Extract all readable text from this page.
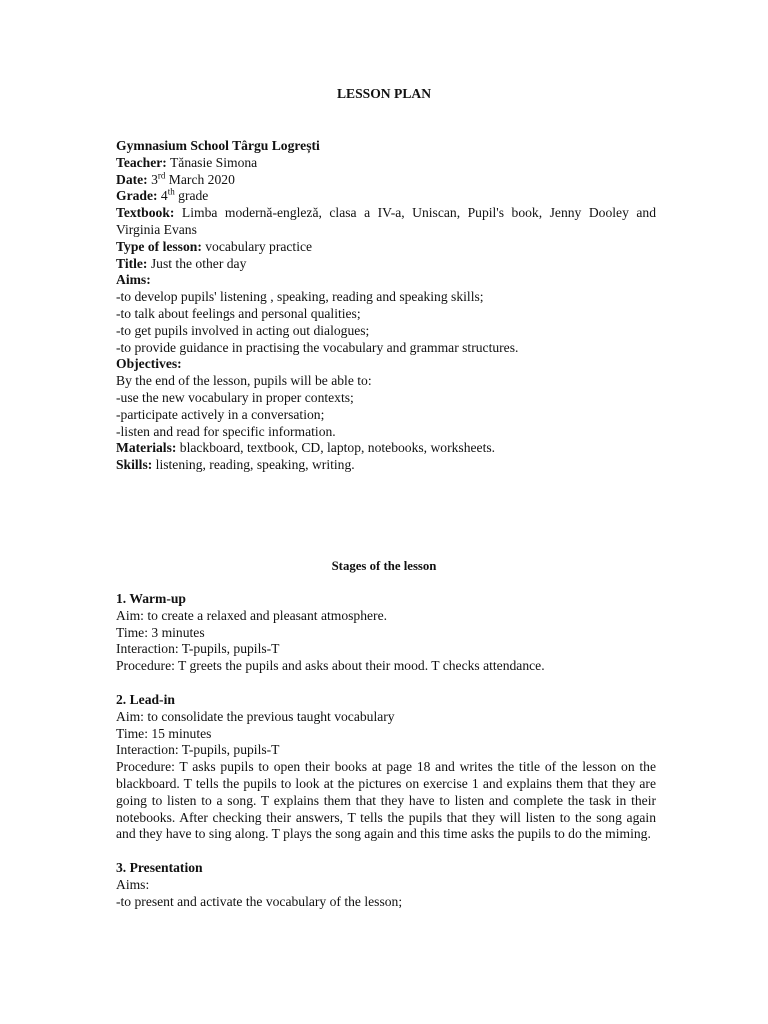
LESSON PLAN
Gymnasium School Târgu Logrești
Teacher: Tănasie Simona
Date: 3rd March 2020
Grade: 4th grade
Textbook: Limba modernă-engleză, clasa a IV-a, Uniscan, Pupil's book, Jenny Dooley and Virginia Evans
Type of lesson: vocabulary practice
Title: Just the other day
Aims:
-to develop pupils' listening , speaking, reading and speaking skills;
-to talk about feelings and personal qualities;
-to get pupils involved in acting out dialogues;
-to provide guidance in practising the vocabulary and grammar structures.
Objectives:
By the end of the lesson, pupils will be able to:
-use the new vocabulary in proper contexts;
-participate actively in a conversation;
-listen and read for specific information.
Materials: blackboard, textbook, CD, laptop, notebooks, worksheets.
Skills: listening, reading, speaking, writing.
Stages of the lesson
1. Warm-up
Aim: to create a relaxed and pleasant atmosphere.
Time: 3 minutes
Interaction: T-pupils, pupils-T
Procedure: T greets the pupils and asks about their mood. T checks attendance.
2. Lead-in
Aim: to consolidate the previous taught vocabulary
Time: 15 minutes
Interaction: T-pupils, pupils-T
Procedure: T asks pupils to open their books at page 18 and writes the title of the lesson on the blackboard. T tells the pupils to look at the pictures on exercise 1 and explains them that they are going to listen to a song. T explains them that they have to listen and complete the task in their notebooks. After checking their answers, T tells the pupils that they will listen to the song again and they have to sing along. T plays the song again and this time asks the pupils to do the miming.
3. Presentation
Aims:
-to present and activate the vocabulary of the lesson;
